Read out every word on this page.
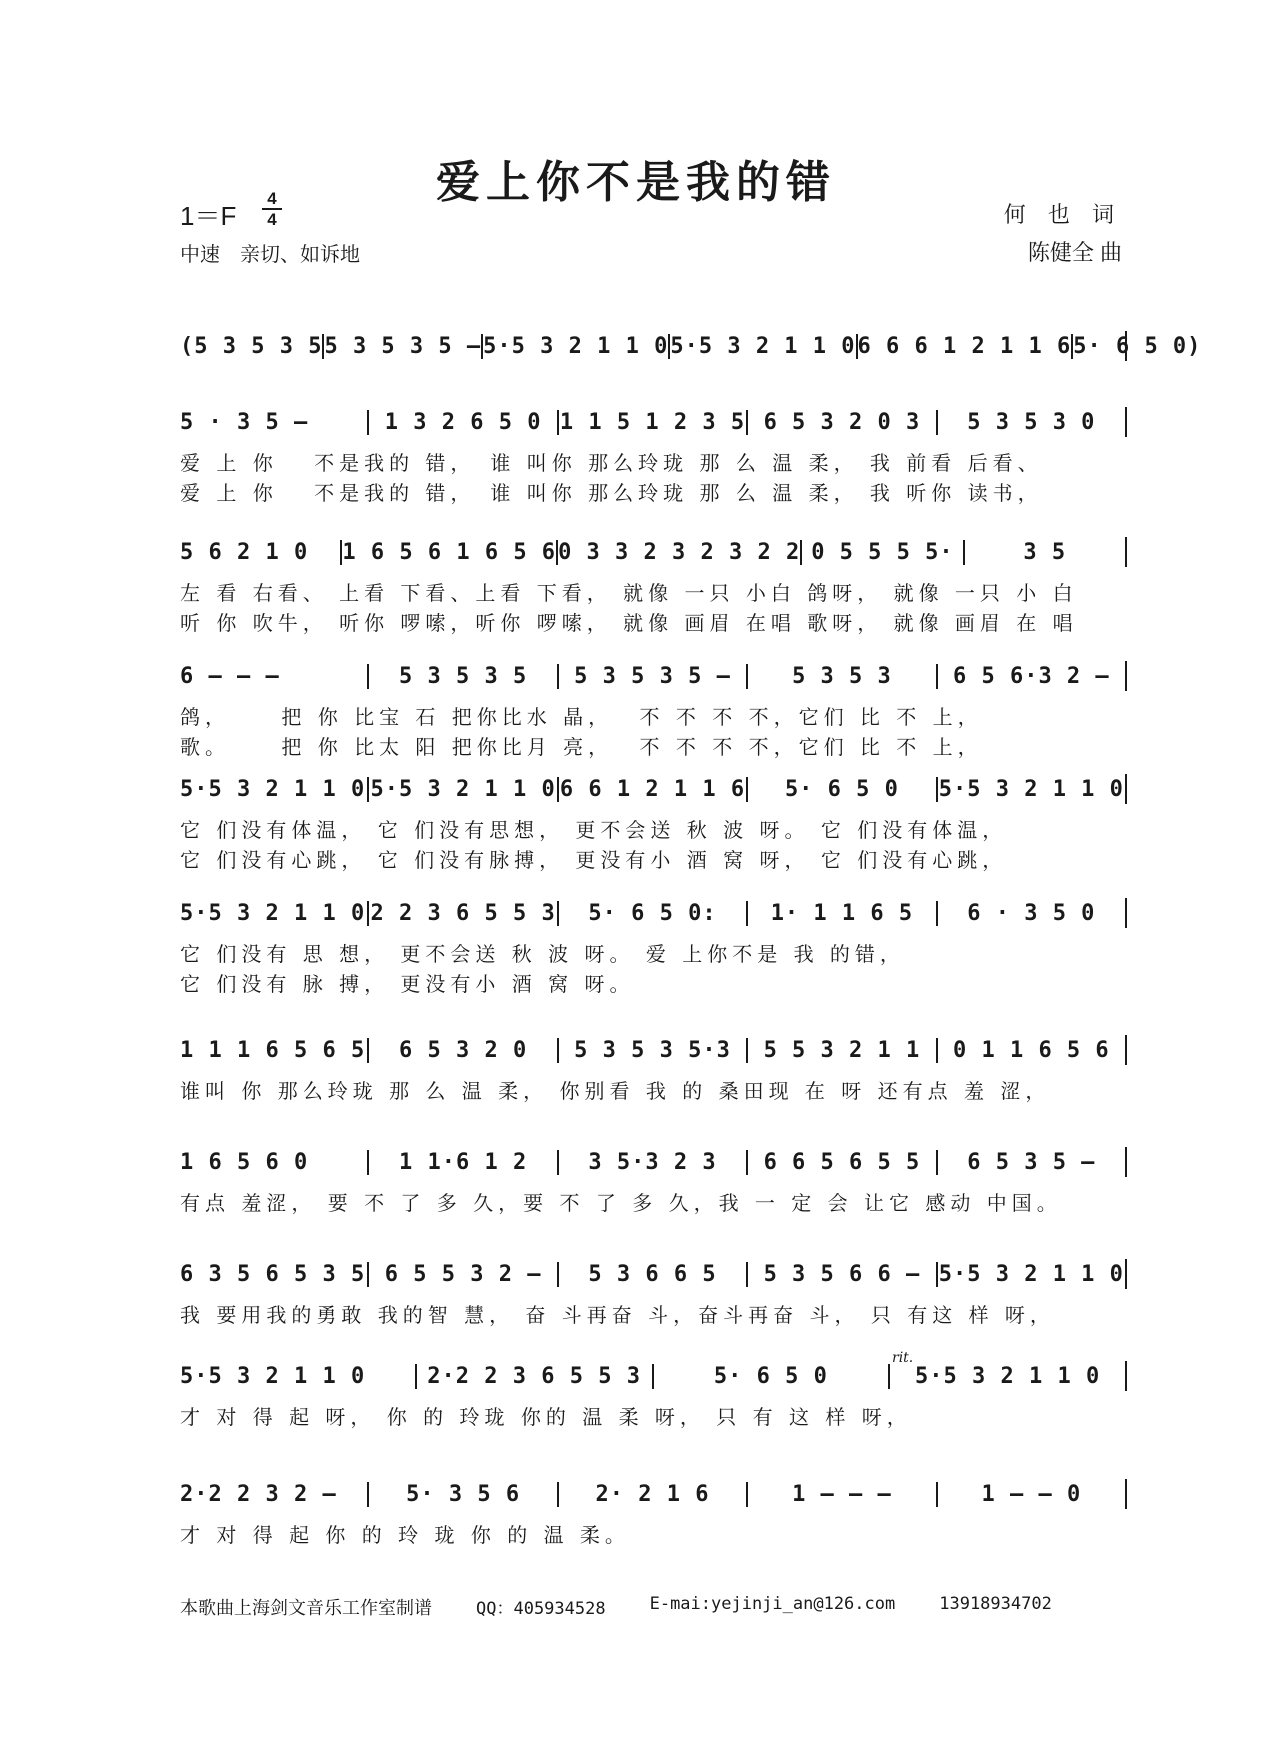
爱上你不是我的错
1＝F
4
4
中速　亲切、如诉地
何 也 词
陈健全 曲
(5 3 5 3 5 5 3 5 3 5 – 5·5 3 2 1 1 0 5·5 3 2 1 1 0 6 6 6 1 2 1 1 6 5· 6 5 0)
5 · 3 5 –	1 3 2 6 5 0 1 1 5 1 2 3 5 6 5 3 2 0 3	5 3 5 3 0
爱 上 你　 不是我的 错，　谁 叫你 那么玲珑 那 么 温 柔， 我 前看 后看、
爱 上 你　 不是我的 错，　谁 叫你 那么玲珑 那 么 温 柔， 我 听你 读书，
5 6 2 1 0	1 6 5 6 1 6 5 6 0 3 3 2 3 2 3 2 2 0 5 5 5 5·	3 5
左 看 右看、 上看 下看、上看 下看， 就像 一只 小白 鸽呀， 就像 一只 小 白
听 你 吹牛， 听你 啰嗦，听你 啰嗦， 就像 画眉 在唱 歌呀， 就像 画眉 在 唱
6 – – –	5 3 5 3 5	5 3 5 3 5 –	5 3 5 3	6 5 6·3 2 –
鸽，　　 把 你 比宝 石 把你比水 晶，　 不 不 不 不，它们 比 不 上，
歌。　　 把 你 比太 阳 把你比月 亮，　 不 不 不 不，它们 比 不 上，
5·5 3 2 1 1 0 5·5 3 2 1 1 0 6 6 1 2 1 1 6	5· 6 5 0	5·5 3 2 1 1 0
它 们没有体温， 它 们没有思想， 更不会送 秋 波 呀。 它 们没有体温，
它 们没有心跳， 它 们没有脉搏， 更没有小 酒 窝 呀， 它 们没有心跳，
5·5 3 2 1 1 0 2 2 3 6 5 5 3	5· 6 5 0:	1· 1 1 6 5	6 · 3 5 0
它 们没有 思 想， 更不会送 秋 波 呀。 爱 上你不是 我 的错，
它 们没有 脉 搏， 更没有小 酒 窝 呀。
1 1 1 6 5 6 5	6 5 3 2 0	5 3 5 3 5·3	5 5 3 2 1 1	0 1 1 6 5 6
谁叫 你 那么玲珑 那 么 温 柔， 你别看 我 的 桑田现 在 呀 还有点 羞 涩，
1 6 5 6 0	1 1·6 1 2	3 5·3 2 3	6 6 5 6 5 5	6 5 3 5 –
有点 羞涩， 要 不 了 多 久，要 不 了 多 久，我 一 定 会 让它 感动 中国。
6 3 5 6 5 3 5 6 5 5 3 2 –	5 3 6 6 5	5 3 5 6 6 – 5·5 3 2 1 1 0
我 要用我的勇敢 我的智 慧， 奋 斗再奋 斗，奋斗再奋 斗， 只 有这 样 呀，
5·5 3 2 1 1 0	2·2 2 3 6 5 5 3	5· 6 5 0	5·5 3 2 1 1 0
才 对 得 起 呀， 你 的 玲珑 你的 温 柔 呀， 只 有 这 样 呀，
2·2 2 3 2 –	5· 3 5 6	2· 2 1 6	1 – – –	1 – – 0
才 对 得 起 你 的 玲 珑 你 的 温 柔。
rit.
本歌曲上海剑文音乐工作室制谱	QQ：405934528	E-mai:yejinji_an@126.com	13918934702
